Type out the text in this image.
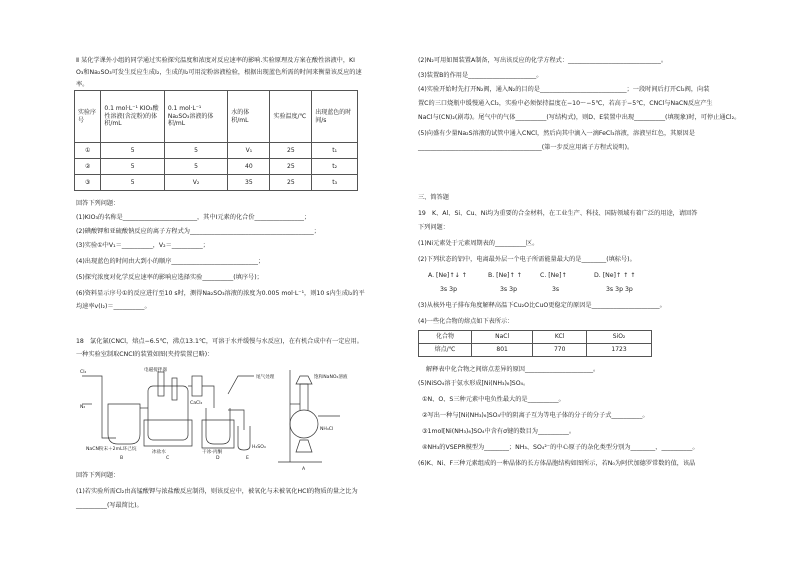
Ⅱ 某化学课外小组的同学通过实验探究温度和浓度对反应速率的影响.实验原理及方案在酸性溶液中，KI
O₃和Na₂SO₃可发生反应生成I₂，生成的I₂可用淀粉溶液检验，根据出现蓝色所需的时间来衡量该反应的速
率。
实验序号	0.1 mol·L⁻¹ KIO₃酸性溶液(含淀粉)的体积/mL	0.1 mol·L⁻¹ Na₂SO₃溶液的体积/mL	水的体积/mL	实验温度/℃	出现蓝色的时间/s
①	5	5	V₁	25	t₁
②	5	5	40	25	t₂
③	5	V₂	35	25	t₃
回答下列问题：
(1)KIO₃的名称是________________________，其中I元素的化合价________________；
(2)碘酸钾和亚硫酸钠反应的离子方程式为________________________________________；
(3)实验①中V₁＝__________，V₂＝__________；
(4)出现蓝色的时间由大到小的顺序____________________________；
(5)探究浓度对化学反应速率的影响应选择实验__________(填序号)；
(6)资料显示序号①的反应进行至10 s时，测得Na₂SO₃溶液的浓度为0.005 mol·L⁻¹，则10 s内生成I₂的平
均速率v(I₂)＝__________。
18　氯化氰(CNCl，熔点−6.5℃，沸点13.1℃，可溶于水并缓慢与水反应)，在有机合成中有一定应用。
一种实验室制取CNCl的装置如图(夹持装置已略)：
电磁搅拌器
Cl₂
N₂
B	C	D	E
A
CaCl₂
尾气处理
NaCN粉末＋2mL环己烷
冰盐水	干冰-丙酮
H₂SO₄
饱和NaNO₂溶液
NH₄Cl
回答下列问题：
(1)若实验所需Cl₂由高锰酸钾与浓盐酸反应制得，则该反应中，被氧化与未被氧化HCl的物质的量之比为
__________(写最简比)。
(2)N₂可用如图装置A制备，写出该反应的化学方程式：______________________________。
(3)装置B的作用是______________________。
(4)实验开始时先打开N₂阀，通入N₂的目的是____________________________；一段时间后打开Cl₂阀，向装
置C的三口烧瓶中缓慢通入Cl₂，实验中必须保持温度在−10～−5℃，若高于−5℃，CNCl与NaCN反应产生
NaCl与(CN)₂(剧毒)。尾气中的气体__________(写结构式)，则D、E装置中出现__________(填现象)时，可停止通Cl₂。
(5)向盛有少量Na₂S溶液的试管中通入CNCl，然后向其中滴入一滴FeCl₃溶液，溶液呈红色，其原因是
________________________________________(第一步反应用离子方程式说明)。
三、简答题
19　K、Al、Si、Cu、Ni均为重要的合金材料，在工业生产、科技、国防领域有着广泛的用途，请回答
下列问题：
(1)Ni元素处于元素周期表的__________区。
(2)下列状态的铝中，电离最外层一个电子所需能量最大的是________(填标号)。
A. [Ne]↑↓ ↑	B. [Ne]↑ ↑	C. [Ne]↑	D. [Ne]↑ ↑ ↑
3s 3p	3s 3p	3s	3s 3p 3p
(3)从核外电子排布角度解释高温下Cu₂O比CuO更稳定的原因是______________________。
(4)一些化合物的熔点如下表所示：
化合物	NaCl	KCl	SiO₂
熔点/℃	801	770	1723
解释表中化合物之间熔点差异的原因______________________。
(5)NiSO₄溶于氨水形成[Ni(NH₃)₆]SO₄。
①N、O、S三种元素中电负性最大的是__________。
②写出一种与[Ni(NH₃)₆]SO₄中的阴离子互为等电子体的分子的分子式__________。
③1mol[Ni(NH₃)₆]SO₄中含有σ键的数目为__________。
④NH₃的VSEPR模型为________；NH₃、SO₄²⁻的中心原子的杂化类型分别为________、__________。
(6)K、Ni、F三种元素组成的一种晶体的长方体晶胞结构如图所示，若N₀为阿伏加德罗常数的值，该晶
